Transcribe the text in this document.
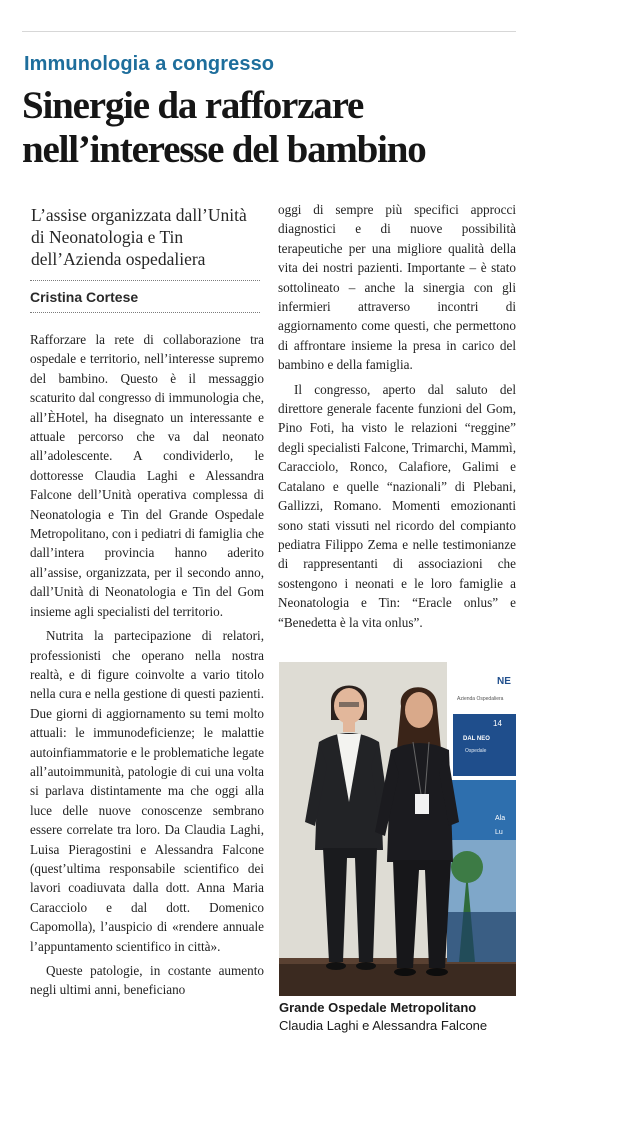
Immunologia a congresso
Sinergie da rafforzare
nell’interesse del bambino
L’assise organizzata dall’Unità
di Neonatologia e Tin
dell’Azienda ospedaliera
Cristina Cortese

Rafforzare la rete di collaborazione tra ospedale e territorio, nell’interesse supremo del bambino. Questo è il messaggio scaturito dal congresso di immunologia che, all’ÈHotel, ha disegnato un interessante e attuale percorso che va dal neonato all’adolescente. A condividerlo, le dottoresse Claudia Laghi e Alessandra Falcone dell’Unità operativa complessa di Neonatologia e Tin del Grande Ospedale Metropolitano, con i pediatri di famiglia che dall’intera provincia hanno aderito all’assise, organizzata, per il secondo anno, dall’Unità di Neonatologia e Tin del Gom insieme agli specialisti del territorio.

Nutrita la partecipazione di relatori, professionisti che operano nella nostra realtà, e di figure coinvolte a vario titolo nella cura e nella gestione di questi pazienti. Due giorni di aggiornamento su temi molto attuali: le immunodeficienze; le malattie autoinfiammatorie e le problematiche legate all’autoimmunità, patologie di cui una volta si parlava distintamente ma che oggi alla luce delle nuove conoscenze sembrano essere correlate tra loro. Da Claudia Laghi, Luisa Pieragostini e Alessandra Falcone (quest’ultima responsabile scientifico dei lavori coadiuvata dalla dott. Anna Maria Caracciolo e dal dott. Domenico Capomolla), l’auspicio di «rendere annuale l’appuntamento scientifico in città».

Queste patologie, in costante aumento negli ultimi anni, beneficiano

oggi di sempre più specifici approcci diagnostici e di nuove possibilità terapeutiche per una migliore qualità della vita dei nostri pazienti. Importante – è stato sottolineato – anche la sinergia con gli infermieri attraverso incontri di aggiornamento come questi, che permettono di affrontare insieme la presa in carico del bambino e della famiglia.

Il congresso, aperto dal saluto del direttore generale facente funzioni del Gom, Pino Foti, ha visto le relazioni “reggine” degli specialisti Falcone, Trimarchi, Mammì, Caracciolo, Ronco, Calafiore, Galimi e Catalano e quelle “nazionali” di Plebani, Gallizzi, Romano. Momenti emozionanti sono stati vissuti nel ricordo del compianto pediatra Filippo Zema e nelle testimonianze di rappresentanti di associazioni che sostengono i neonati e le loro famiglie a Neonatologia e Tin: “Eracle onlus” e “Benedetta è la vita onlus”.

NE
Azienda Ospedaliera
14
DAL NEO
Ospedale
Ala
Lu
Grande Ospedale Metropolitano
Claudia Laghi e Alessandra Falcone
